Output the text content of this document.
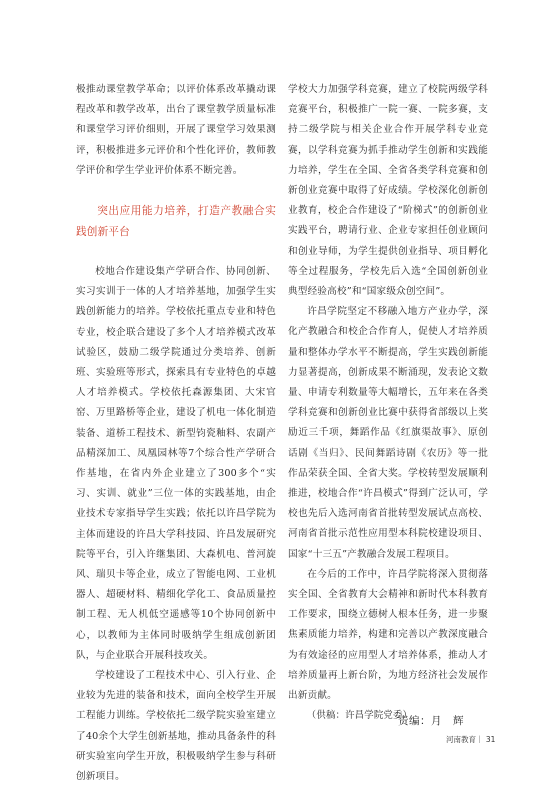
极推动课堂教学革命；以评价体系改革撬动课程改革和教学改革，出台了课堂教学质量标准和课堂学习评价细则，开展了课堂学习效果测评，积极推进多元评价和个性化评价，教师教学评价和学生学业评价体系不断完善。

突出应用能力培养，打造产教融合实践创新平台

校地合作建设集产学研合作、协同创新、实习实训于一体的人才培养基地，加强学生实践创新能力的培养。学校依托重点专业和特色专业，校企联合建设了多个人才培养模式改革试验区，鼓励二级学院通过分类培养、创新班、实验班等形式，探索具有专业特色的卓越人才培养模式。学校依托森源集团、大宋官窑、万里路桥等企业，建设了机电一体化制造装备、道桥工程技术、新型钧瓷釉料、农副产品精深加工、凤凰园林等7个综合性产学研合作基地，在省内外企业建立了300多个“实习、实训、就业”三位一体的实践基地，由企业技术专家指导学生实践；依托以许昌学院为主体而建设的许昌大学科技园、许昌发展研究院等平台，引入许继集团、大森机电、普河旋风、瑞贝卡等企业，成立了智能电网、工业机器人、超硬材料、精细化学化工、食品质量控制工程、无人机低空遥感等10个协同创新中心，以教师为主体同时吸纳学生组成创新团队，与企业联合开展科技攻关。

学校建设了工程技术中心、引入行业、企业较为先进的装备和技术，面向全校学生开展工程能力训练。学校依托二级学院实验室建立了40余个大学生创新基地，推动具备条件的科研实验室向学生开放，积极吸纳学生参与科研创新项目。

学校大力加强学科竞赛，建立了校院两级学科竞赛平台，积极推广一院一赛、一院多赛，支持二级学院与相关企业合作开展学科专业竞赛，以学科竞赛为抓手推动学生创新和实践能力培养，学生在全国、全省各类学科竞赛和创新创业竞赛中取得了好成绩。学校深化创新创业教育，校企合作建设了“阶梯式”的创新创业实践平台，聘请行业、企业专家担任创业顾问和创业导师，为学生提供创业指导、项目孵化等全过程服务，学校先后入选“全国创新创业典型经验高校”和“国家级众创空间”。

许昌学院坚定不移融入地方产业办学，深化产教融合和校企合作育人，促使人才培养质量和整体办学水平不断提高，学生实践创新能力显著提高，创新成果不断涌现，发表论文数量、申请专利数量等大幅增长，五年来在各类学科竞赛和创新创业比赛中获得省部级以上奖励近三千项，舞蹈作品《红旗渠故事》、原创话剧《当归》、民间舞蹈诗剧《农历》等一批作品荣获全国、全省大奖。学校转型发展顺利推进，校地合作“许昌模式”得到广泛认可，学校也先后入选河南省首批转型发展试点高校、河南省首批示范性应用型本科院校建设项目、国家“十三五”产教融合发展工程项目。

在今后的工作中，许昌学院将深入贯彻落实全国、全省教育大会精神和新时代本科教育工作要求，围绕立德树人根本任务，进一步聚焦素质能力培养，构建和完善以产教深度融合为有效途径的应用型人才培养体系，推动人才培养质量再上新台阶，为地方经济社会发展作出新贡献。

（供稿：许昌学院党委）

责编：月　辉
河南教育｜ 31
